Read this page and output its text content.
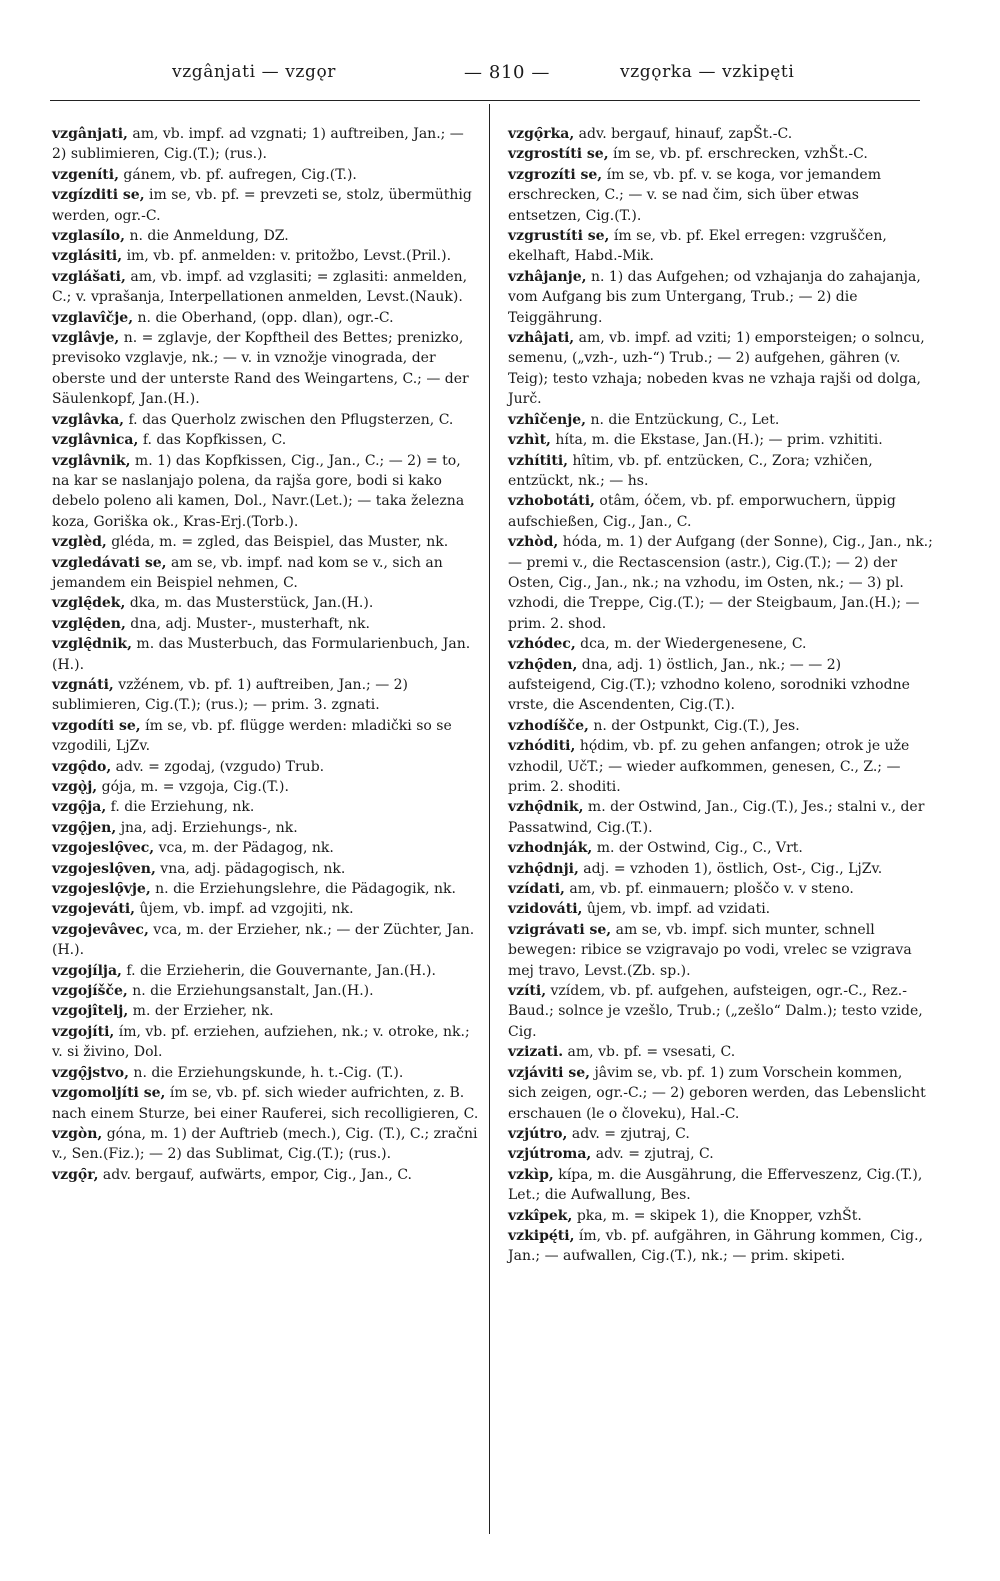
vzgânjati — vzgǫr	— 810 —	vzgǫrka — vzkipęti

vzgânjati, am, vb. impf. ad vzgnati; 1) auftreiben, Jan.; — 2) sublimieren, Cig.(T.); (rus.).

vzgeníti, gánem, vb. pf. aufregen, Cig.(T.).

vzgízditi se, im se, vb. pf. = prevzeti se, stolz, übermüthig werden, ogr.-C.

vzglasílo, n. die Anmeldung, DZ.

vzglásiti, im, vb. pf. anmelden: v. pritožbo, Levst.(Pril.).

vzglášati, am, vb. impf. ad vzglasiti; = zglasiti: anmelden, C.; v. vprašanja, Interpellationen anmelden, Levst.(Nauk).

vzglavîčje, n. die Oberhand, (opp. dlan), ogr.-C.

vzglâvje, n. = zglavje, der Kopftheil des Bettes; prenizko, previsoko vzglavje, nk.; — v. in vznožje vinograda, der oberste und der unterste Rand des Weingartens, C.; — der Säulenkopf, Jan.(H.).

vzglâvka, f. das Querholz zwischen den Pflugsterzen, C.

vzglâvnica, f. das Kopfkissen, C.

vzglâvnik, m. 1) das Kopfkissen, Cig., Jan., C.; — 2) = to, na kar se naslanjajo polena, da rajša gore, bodi si kako debelo poleno ali kamen, Dol., Navr.(Let.); — taka železna koza, Goriška ok., Kras-Erj.(Torb.).

vzglèd, gléda, m. = zgled, das Beispiel, das Muster, nk.

vzgledávati se, am se, vb. impf. nad kom se v., sich an jemandem ein Beispiel nehmen, C.

vzglę̑dek, dka, m. das Musterstück, Jan.(H.).

vzglę̑den, dna, adj. Muster-, musterhaft, nk.

vzglę̑dnik, m. das Musterbuch, das Formularienbuch, Jan.(H.).

vzgnáti, vzžénem, vb. pf. 1) auftreiben, Jan.; — 2) sublimieren, Cig.(T.); (rus.); — prim. 3. zgnati.

vzgodíti se, ím se, vb. pf. flügge werden: mladički so se vzgodili, LjZv.

vzgǫ̑do, adv. = zgodaj, (vzgudo) Trub.

vzgǫ̀j, gója, m. = vzgoja, Cig.(T.).

vzgǫ̑ja, f. die Erziehung, nk.

vzgǫ̑jen, jna, adj. Erziehungs-, nk.

vzgojeslǫ̑vec, vca, m. der Pädagog, nk.

vzgojeslǫ̑ven, vna, adj. pädagogisch, nk.

vzgojeslǫ̑vje, n. die Erziehungslehre, die Pädagogik, nk.

vzgojeváti, ûjem, vb. impf. ad vzgojiti, nk.

vzgojevâvec, vca, m. der Erzieher, nk.; — der Züchter, Jan.(H.).

vzgojílja, f. die Erzieherin, die Gouvernante, Jan.(H.).

vzgojíšče, n. die Erziehungsanstalt, Jan.(H.).

vzgojîtelj, m. der Erzieher, nk.

vzgojíti, ím, vb. pf. erziehen, aufziehen, nk.; v. otroke, nk.; v. si živino, Dol.

vzgǫ̑jstvo, n. die Erziehungskunde, h. t.-Cig. (T.).

vzgomoljíti se, ím se, vb. pf. sich wieder aufrichten, z. B. nach einem Sturze, bei einer Rauferei, sich recolligieren, C.

vzgòn, góna, m. 1) der Auftrieb (mech.), Cig. (T.), C.; zračni v., Sen.(Fiz.); — 2) das Sublimat, Cig.(T.); (rus.).

vzgǫ̑r, adv. bergauf, aufwärts, empor, Cig., Jan., C.

vzgǫ̑rka, adv. bergauf, hinauf, zapŠt.-C.

vzgrostíti se, ím se, vb. pf. erschrecken, vzhŠt.-C.

vzgrozíti se, ím se, vb. pf. v. se koga, vor jemandem erschrecken, C.; — v. se nad čim, sich über etwas entsetzen, Cig.(T.).

vzgrustíti se, ím se, vb. pf. Ekel erregen: vzgruščen, ekelhaft, Habd.-Mik.

vzhâjanje, n. 1) das Aufgehen; od vzhajanja do zahajanja, vom Aufgang bis zum Untergang, Trub.; — 2) die Teiggährung.

vzhâjati, am, vb. impf. ad vziti; 1) emporsteigen; o solncu, semenu, („vzh-, uzh-“) Trub.; — 2) aufgehen, gähren (v. Teig); testo vzhaja; nobeden kvas ne vzhaja rajši od dolga, Jurč.

vzhîčenje, n. die Entzückung, C., Let.

vzhìt, híta, m. die Ekstase, Jan.(H.); — prim. vzhititi.

vzhítiti, hîtim, vb. pf. entzücken, C., Zora; vzhičen, entzückt, nk.; — hs.

vzhobotáti, otâm, óčem, vb. pf. emporwuchern, üppig aufschießen, Cig., Jan., C.

vzhòd, hóda, m. 1) der Aufgang (der Sonne), Cig., Jan., nk.; — premi v., die Rectascension (astr.), Cig.(T.); — 2) der Osten, Cig., Jan., nk.; na vzhodu, im Osten, nk.; — 3) pl. vzhodi, die Treppe, Cig.(T.); — der Steigbaum, Jan.(H.); — prim. 2. shod.

vzhódec, dca, m. der Wiedergenesene, C.

vzhǫ̑den, dna, adj. 1) östlich, Jan., nk.; — — 2) aufsteigend, Cig.(T.); vzhodno koleno, sorodniki vzhodne vrste, die Ascendenten, Cig.(T.).

vzhodíšče, n. der Ostpunkt, Cig.(T.), Jes.

vzhóditi, hǫ́dim, vb. pf. zu gehen anfangen; otrok je uže vzhodil, UčT.; — wieder aufkommen, genesen, C., Z.; — prim. 2. shoditi.

vzhǫ̑dnik, m. der Ostwind, Jan., Cig.(T.), Jes.; stalni v., der Passatwind, Cig.(T.).

vzhodnják, m. der Ostwind, Cig., C., Vrt.

vzhǫ̑dnji, adj. = vzhoden 1), östlich, Ost-, Cig., LjZv.

vzídati, am, vb. pf. einmauern; ploščo v. v steno.

vzidováti, ûjem, vb. impf. ad vzidati.

vzigrávati se, am se, vb. impf. sich munter, schnell bewegen: ribice se vzigravajo po vodi, vrelec se vzigrava mej travo, Levst.(Zb. sp.).

vzíti, vzídem, vb. pf. aufgehen, aufsteigen, ogr.-C., Rez.-Baud.; solnce je vzešlo, Trub.; („zešlo“ Dalm.); testo vzide, Cig.

vzizati. am, vb. pf. = vsesati, C.

vzjáviti se, jâvim se, vb. pf. 1) zum Vorschein kommen, sich zeigen, ogr.-C.; — 2) geboren werden, das Lebenslicht erschauen (le o človeku), Hal.-C.

vzjútro, adv. = zjutraj, C.

vzjútroma, adv. = zjutraj, C.

vzkìp, kípa, m. die Ausgährung, die Efferveszenz, Cig.(T.), Let.; die Aufwallung, Bes.

vzkîpek, pka, m. = skipek 1), die Knopper, vzhŠt.

vzkipę́ti, ím, vb. pf. aufgähren, in Gährung kommen, Cig., Jan.; — aufwallen, Cig.(T.), nk.; — prim. skipeti.
